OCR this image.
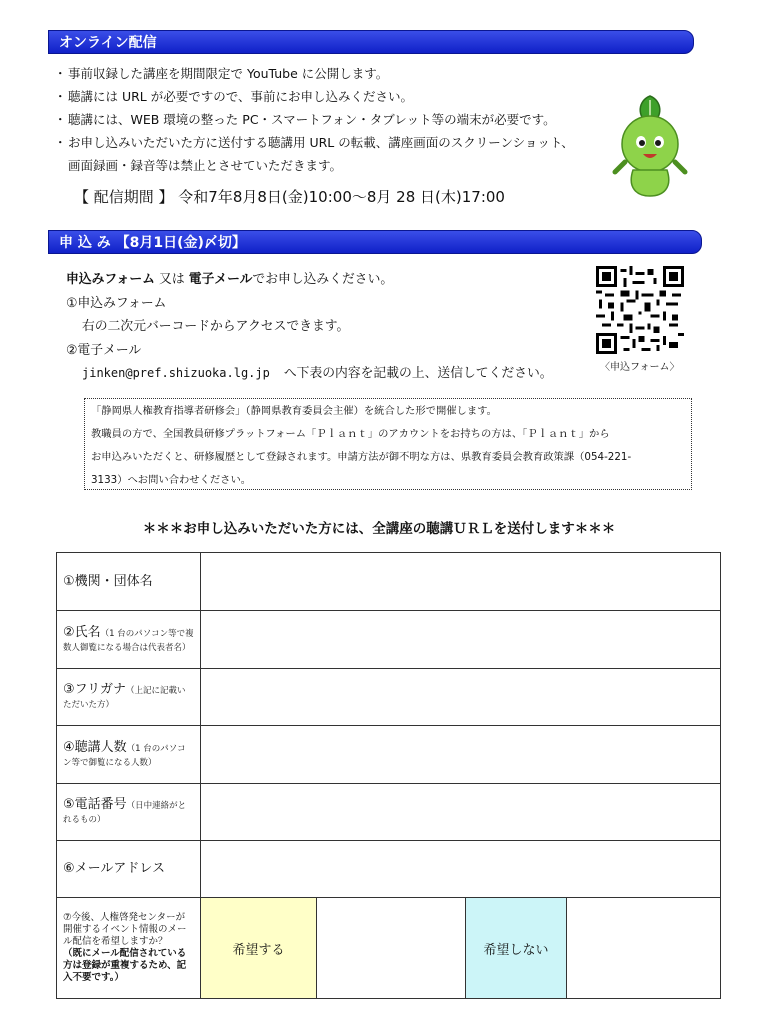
オンライン配信
・ 事前収録した講座を期間限定で YouTube に公開します。
・ 聴講には URL が必要ですので、事前にお申し込みください。
・ 聴講には、WEB 環境の整った PC・スマートフォン・タブレット等の端末が必要です。
・ お申し込みいただいた方に送付する聴講用 URL の転載、講座画面のスクリーンショット、
画面録画・録音等は禁止とさせていただきます。
【 配信期間 】 令和7年8月8日(金)10:00〜8月 28 日(木)17:00
申 込 み 【8月1日(金)〆切】
申込みフォーム 又は 電子メールでお申し込みください。
①申込みフォーム
右の二次元バーコードからアクセスできます。
②電子メール
jinken@pref.shizuoka.lg.jp へ下表の内容を記載の上、送信してください。	〈申込フォーム〉
「静岡県人権教育指導者研修会」（静岡県教育委員会主催）を統合した形で開催します。
教職員の方で、全国教員研修プラットフォーム「Ｐｌａｎｔ」のアカウントをお持ちの方は、「Ｐｌａｎｔ」から
お申込みいただくと、研修履歴として登録されます。申請方法が御不明な方は、県教育委員会教育政策課（054-221-
3133）へお問い合わせください。
＊＊＊お申し込みいただいた方には、全講座の聴講ＵＲＬを送付します＊＊＊
①機関・団体名				
②氏名（1 台のパソコン等で複数人御覧になる場合は代表者名）				
③フリガナ（上記に記載いただいた方）				
④聴講人数（1 台のパソコン等で御覧になる人数）				
⑤電話番号（日中連絡がとれるもの）				
⑥メールアドレス				

⑦今後、人権啓発センターが開催するイベント情報のメール配信を希望しますか？
（既にメール配信されている方は登録が重複するため、記入不要です。）	希望する		希望しない	
